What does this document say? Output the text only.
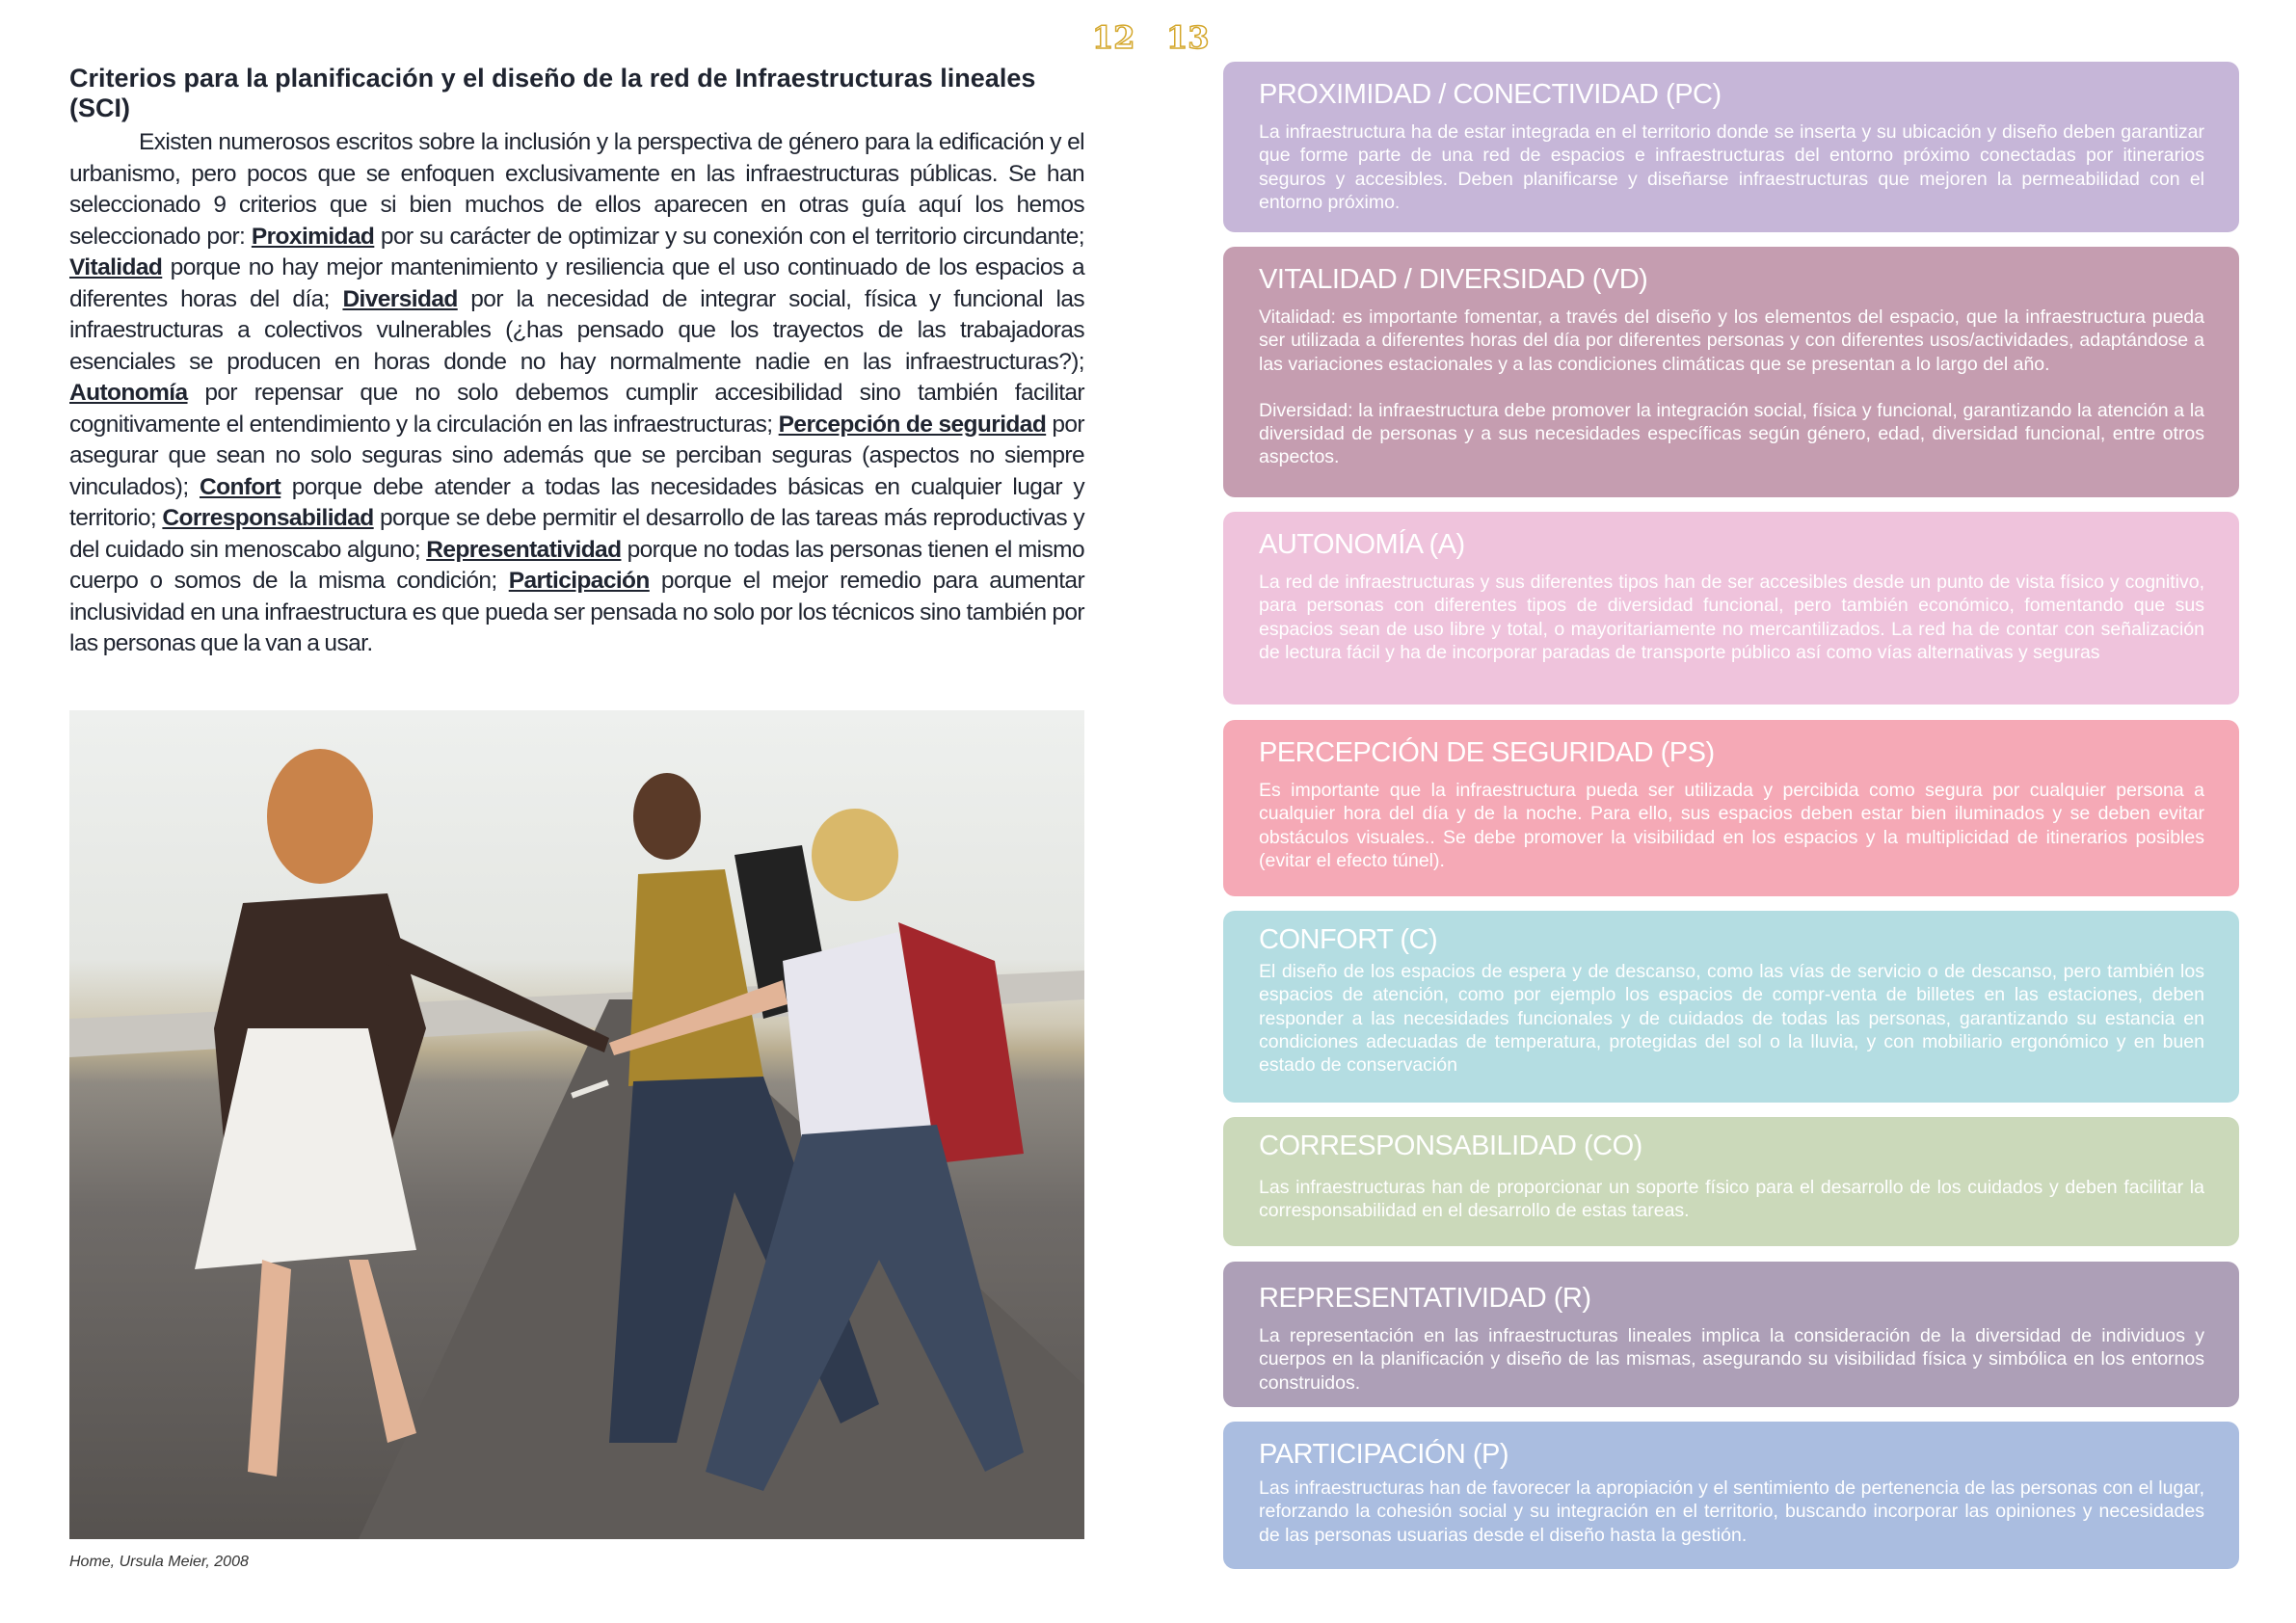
12 13
Criterios para la planificación y el diseño de la red de Infraestructuras lineales (SCI)

Existen numerosos escritos sobre la inclusión y la perspectiva de género para la edificación y el urbanismo, pero pocos que se enfoquen exclusivamente en las infraestructuras públicas. Se han seleccionado 9 criterios que si bien muchos de ellos aparecen en otras guía aquí los hemos seleccionado por: Proximidad por su carácter de optimizar y su conexión con el territorio circundante; Vitalidad porque no hay mejor mantenimiento y resiliencia que el uso continuado de los espacios a diferentes horas del día; Diversidad por la necesidad de integrar social, física y funcional las infraestructuras a colectivos vulnerables (¿has pensado que los trayectos de las trabajadoras esenciales se producen en horas donde no hay normalmente nadie en las infraestructuras?); Autonomía por repensar que no solo debemos cumplir accesibilidad sino también facilitar cognitivamente el entendimiento y la circulación en las infraestructuras; Percepción de seguridad por asegurar que sean no solo seguras sino además que se perciban seguras (aspectos no siempre vinculados); Confort porque debe atender a todas las necesidades básicas en cualquier lugar y territorio; Corresponsabilidad porque se debe permitir el desarrollo de las tareas más reproductivas y del cuidado sin menoscabo alguno; Representatividad porque no todas las personas tienen el mismo cuerpo o somos de la misma condición; Participación porque el mejor remedio para aumentar inclusividad en una infraestructura es que pueda ser pensada no solo por los técnicos sino también por las personas que la van a usar.

Home, Ursula Meier, 2008
PROXIMIDAD / CONECTIVIDAD (PC)

La infraestructura ha de estar integrada en el territorio donde se inserta y su ubicación y diseño deben garantizar que forme parte de una red de espacios e infraestructuras del entorno próximo conectadas por itinerarios seguros y accesibles. Deben planificarse y diseñarse infraestructuras que mejoren la permeabilidad con el entorno próximo.

VITALIDAD / DIVERSIDAD (VD)

Vitalidad: es importante fomentar, a través del diseño y los elementos del espacio, que la infraestructura pueda ser utilizada a diferentes horas del día por diferentes personas y con diferentes usos/actividades, adaptándose a las variaciones estacionales y a las condiciones climáticas que se presentan a lo largo del año.

Diversidad: la infraestructura debe promover la integración social, física y funcional, garantizando la atención a la diversidad de personas y a sus necesidades específicas según género, edad, diversidad funcional, entre otros aspectos.

AUTONOMÍA (A)

La red de infraestructuras y sus diferentes tipos han de ser accesibles desde un punto de vista físico y cognitivo, para personas con diferentes tipos de diversidad funcional, pero también económico, fomentando que sus espacios sean de uso libre y total, o mayoritariamente no mercantilizados. La red ha de contar con señalización de lectura fácil y ha de incorporar paradas de transporte público así como vías alternativas y seguras

PERCEPCIÓN DE SEGURIDAD (PS)

Es importante que la infraestructura pueda ser utilizada y percibida como segura por cualquier persona a cualquier hora del día y de la noche. Para ello, sus espacios deben estar bien iluminados y se deben evitar obstáculos visuales.. Se debe promover la visibilidad en los espacios y la multiplicidad de itinerarios posibles (evitar el efecto túnel).

CONFORT (C)

El diseño de los espacios de espera y de descanso, como las vías de servicio o de descanso, pero también los espacios de atención, como por ejemplo los espacios de compr-venta de billetes en las estaciones, deben responder a las necesidades funcionales y de cuidados de todas las personas, garantizando su estancia en condiciones adecuadas de temperatura, protegidas del sol o la lluvia, y con mobiliario ergonómico y en buen estado de conservación

CORRESPONSABILIDAD (CO)

Las infraestructuras han de proporcionar un soporte físico para el desarrollo de los cuidados y deben facilitar la corresponsabilidad en el desarrollo de estas tareas.

REPRESENTATIVIDAD (R)

La representación en las infraestructuras lineales implica la consideración de la diversidad de individuos y cuerpos en la planificación y diseño de las mismas, asegurando su visibilidad física y simbólica en los entornos construidos.

PARTICIPACIÓN (P)

Las infraestructuras han de favorecer la apropiación y el sentimiento de pertenencia de las personas con el lugar, reforzando la cohesión social y su integración en el territorio, buscando incorporar las opiniones y necesidades de las personas usuarias desde el diseño hasta la gestión.
